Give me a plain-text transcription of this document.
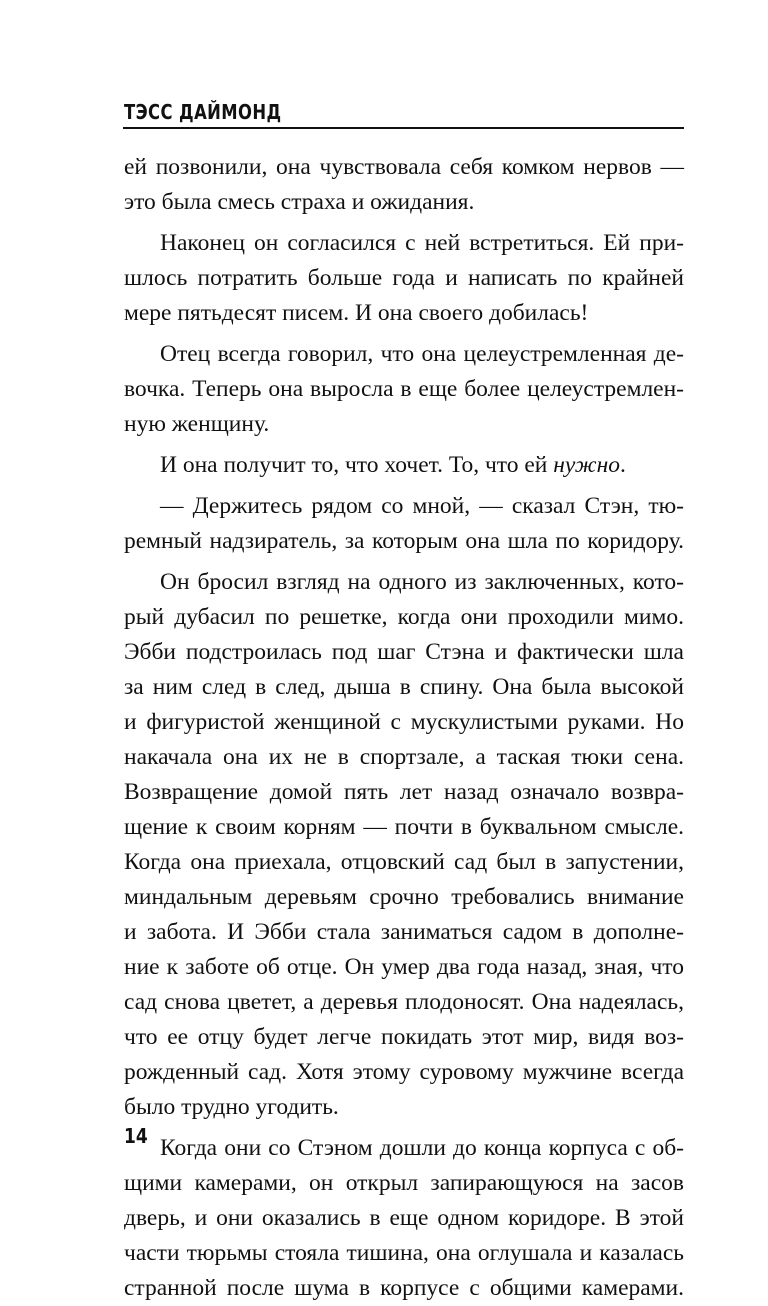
ТЭСС ДАЙМОНД
ей позвонили, она чувствовала себя комком нервов —
это была смесь страха и ожидания.
Наконец он согласился с ней встретиться. Ей при-
шлось потратить больше года и написать по крайней
мере пятьдесят писем. И она своего добилась!
Отец всегда говорил, что она целеустремленная де-
вочка. Теперь она выросла в еще более целеустремлен-
ную женщину.
И она получит то, что хочет. То, что ей нужно.
— Держитесь рядом со мной, — сказал Стэн, тю-
ремный надзиратель, за которым она шла по коридору.
Он бросил взгляд на одного из заключенных, кото-
рый дубасил по решетке, когда они проходили мимо.
Эбби подстроилась под шаг Стэна и фактически шла
за ним след в след, дыша в спину. Она была высокой
и фигуристой женщиной с мускулистыми руками. Но
накачала она их не в спортзале, а таская тюки сена.
Возвращение домой пять лет назад означало возвра-
щение к своим корням — почти в буквальном смысле.
Когда она приехала, отцовский сад был в запустении,
миндальным деревьям срочно требовались внимание
и забота. И Эбби стала заниматься садом в дополне-
ние к заботе об отце. Он умер два года назад, зная, что
сад снова цветет, а деревья плодоносят. Она надеялась,
что ее отцу будет легче покидать этот мир, видя воз-
рожденный сад. Хотя этому суровому мужчине всегда
было трудно угодить.
Когда они со Стэном дошли до конца корпуса с об-
щими камерами, он открыл запирающуюся на засов
дверь, и они оказались в еще одном коридоре. В этой
части тюрьмы стояла тишина, она оглушала и казалась
странной после шума в корпусе с общими камерами.
14
